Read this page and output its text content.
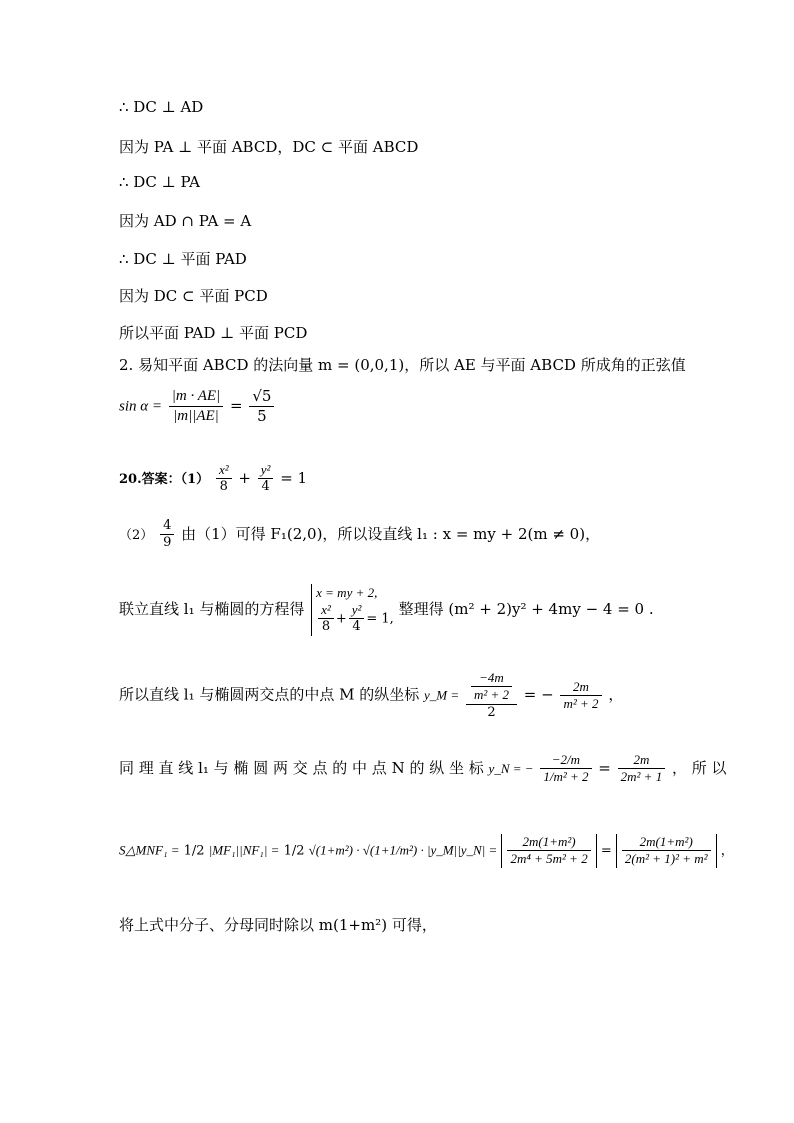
∴ DC ⊥ AD
因为 PA ⊥ 平面 ABCD，DC ⊂ 平面 ABCD
∴ DC ⊥ PA
因为 AD ∩ PA = A
∴ DC ⊥ 平面 PAD
因为 DC ⊂ 平面 PCD
所以平面 PAD ⊥ 平面 PCD
2. 易知平面 ABCD 的法向量 m = (0,0,1)，所以 AE 与平面 ABCD 所成角的正弦值
$\sin \alpha = \frac{|m \cdot AE|}{|m||AE|} = \frac{√5}{5}$
20.答案：$(1) \frac{\text{x²}}{8} + \frac{\text{y²}}{4} = 1$
$(2) \frac{4}{9}$ 由（1）可得 F₁(2,0)，所以设直线 l₁ : x = my + 2(m ≠ 0)，
联立直线 l₁ 与椭圆的方程得
x = my + 2,
$\frac{\text{x²}}{8} + \frac{\text{y²}}{4} = 1$,
整理得 (m² + 2)y² + 4my − 4 = 0 .
所以直线 l₁ 与椭圆两交点的中点 M 的纵坐标 y_M = $\frac{\frac{-4m}{\text{m² + 2}}}{2}$ = − $\frac{2m}{\text{m² + 2}}$ ，
同 理 直 线 l₁ 与 椭 圆 两 交 点 的 中 点 N 的 纵 坐 标 y_N = − $\frac{-2/m}{\text{1/m² + 2}} = \frac{2m}{\text{2m² + 1}}$ ， 所 以
S△MNF₁ = 1/2 |MF₁||NF₁| = 1/2 √(1+m²) · √(1+1/m²) · |y_M||y_N| = $\frac{\text{2m(1+m²)}}{\text{2m⁴ + 5m² + 2}} = \frac{\text{2m(1+m²)}}{\text{2(m² + 1)² + m²}}$ ，
将上式中分子、分母同时除以 m(1+m²) 可得，
